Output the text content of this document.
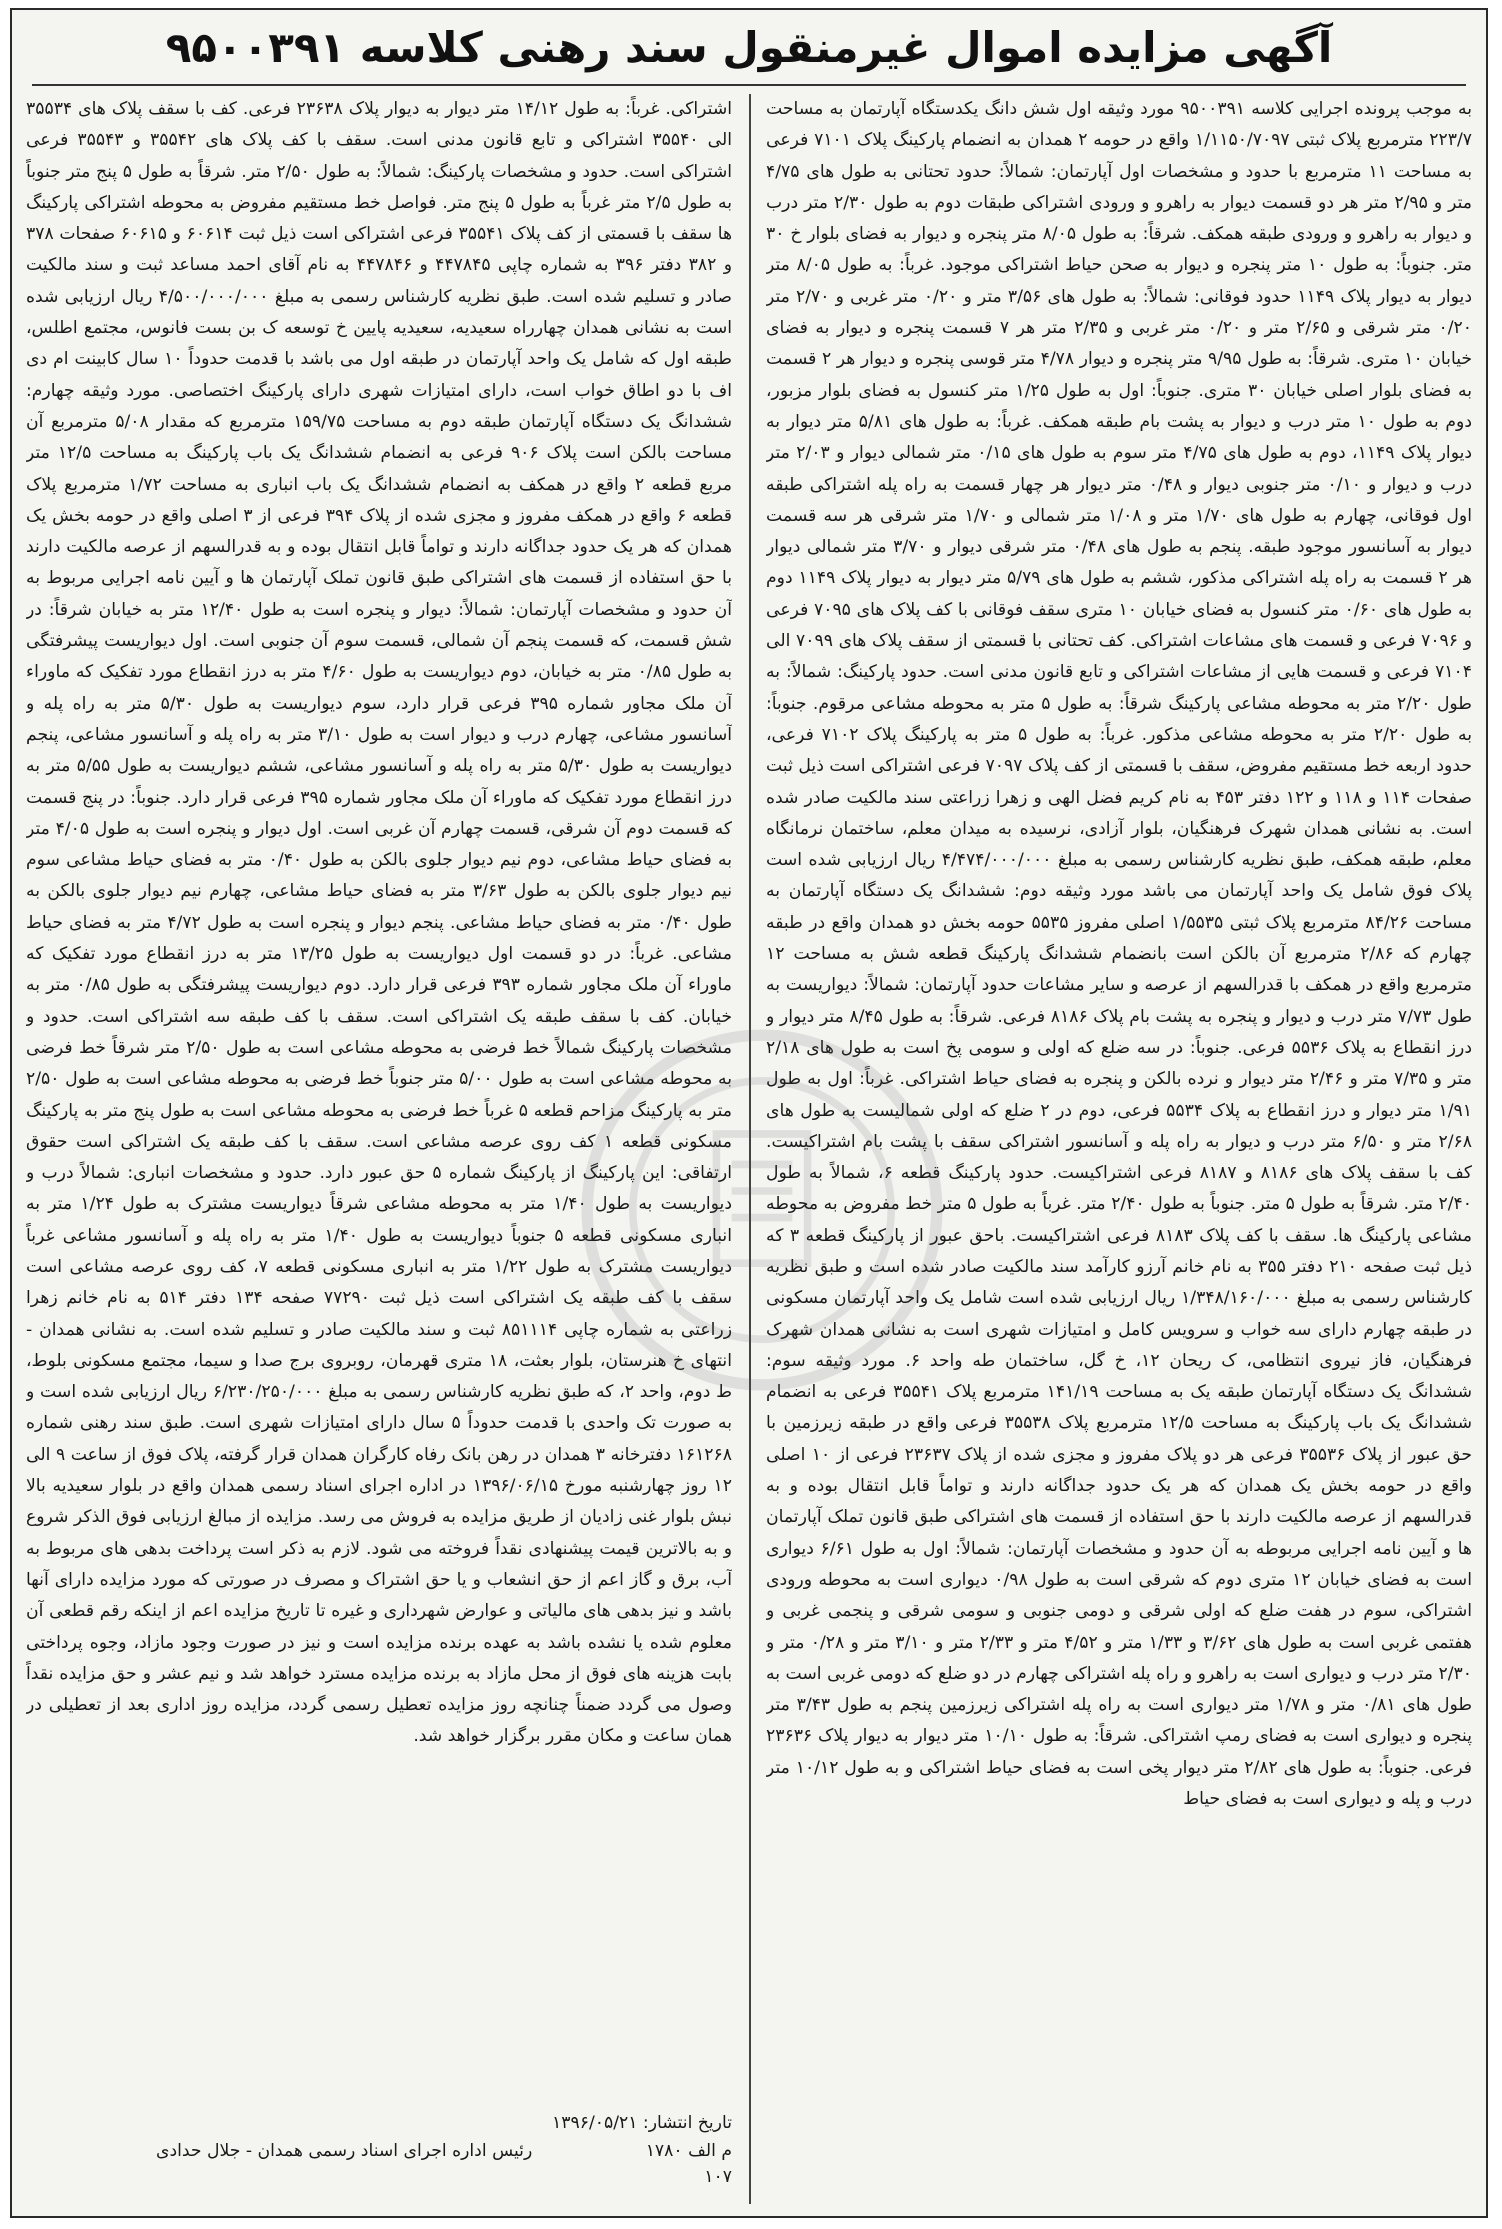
آگهی مزایده اموال غیرمنقول سند رهنی کلاسه ۹۵۰۰۳۹۱

به موجب پرونده اجرایی کلاسه ۹۵۰۰۳۹۱ مورد وثیقه اول شش دانگ یکدستگاه آپارتمان به مساحت ۲۲۳/۷ مترمربع پلاک ثبتی ۱/۱۱۵۰/۷۰۹۷ واقع در حومه ۲ همدان به انضمام پارکینگ پلاک ۷۱۰۱ فرعی به مساحت ۱۱ مترمربع با حدود و مشخصات اول آپارتمان: شمالاً: حدود تحتانی به طول های ۴/۷۵ متر و ۲/۹۵ متر هر دو قسمت دیوار به راهرو و ورودی اشتراکی طبقات دوم به طول ۲/۳۰ متر درب و دیوار به راهرو و ورودی طبقه همکف. شرقاً: به طول ۸/۰۵ متر پنجره و دیوار به فضای بلوار خ ۳۰ متر. جنوباً: به طول ۱۰ متر پنجره و دیوار به صحن حیاط اشتراکی موجود. غرباً: به طول ۸/۰۵ متر دیوار به دیوار پلاک ۱۱۴۹ حدود فوقانی: شمالاً: به طول های ۳/۵۶ متر و ۰/۲۰ متر غربی و ۲/۷۰ متر ۰/۲۰ متر شرقی و ۲/۶۵ متر و ۰/۲۰ متر غربی و ۲/۳۵ متر هر ۷ قسمت پنجره و دیوار به فضای خیابان ۱۰ متری. شرقاً: به طول ۹/۹۵ متر پنجره و دیوار ۴/۷۸ متر قوسی پنجره و دیوار هر ۲ قسمت به فضای بلوار اصلی خیابان ۳۰ متری. جنوباً: اول به طول ۱/۲۵ متر کنسول به فضای بلوار مزبور، دوم به طول ۱۰ متر درب و دیوار به پشت بام طبقه همکف. غرباً: به طول های ۵/۸۱ متر دیوار به دیوار پلاک ۱۱۴۹، دوم به طول های ۴/۷۵ متر سوم به طول های ۰/۱۵ متر شمالی دیوار و ۲/۰۳ متر درب و دیوار و ۰/۱۰ متر جنوبی دیوار و ۰/۴۸ متر دیوار هر چهار قسمت به راه پله اشتراکی طبقه اول فوقانی، چهارم به طول های ۱/۷۰ متر و ۱/۰۸ متر شمالی و ۱/۷۰ متر شرقی هر سه قسمت دیوار به آسانسور موجود طبقه. پنجم به طول های ۰/۴۸ متر شرقی دیوار و ۳/۷۰ متر شمالی دیوار هر ۲ قسمت به راه پله اشتراکی مذکور، ششم به طول های ۵/۷۹ متر دیوار به دیوار پلاک ۱۱۴۹ دوم به طول های ۰/۶۰ متر کنسول به فضای خیابان ۱۰ متری سقف فوقانی با کف پلاک های ۷۰۹۵ فرعی و ۷۰۹۶ فرعی و قسمت های مشاعات اشتراکی. کف تحتانی با قسمتی از سقف پلاک های ۷۰۹۹ الی ۷۱۰۴ فرعی و قسمت هایی از مشاعات اشتراکی و تابع قانون مدنی است. حدود پارکینگ: شمالاً: به طول ۲/۲۰ متر به محوطه مشاعی پارکینگ شرقاً: به طول ۵ متر به محوطه مشاعی مرقوم. جنوباً: به طول ۲/۲۰ متر به محوطه مشاعی مذکور. غرباً: به طول ۵ متر به پارکینگ پلاک ۷۱۰۲ فرعی، حدود اربعه خط مستقیم مفروض، سقف با قسمتی از کف پلاک ۷۰۹۷ فرعی اشتراکی است ذیل ثبت صفحات ۱۱۴ و ۱۱۸ و ۱۲۲ دفتر ۴۵۳ به نام کریم فضل الهی و زهرا زراعتی سند مالکیت صادر شده است. به نشانی همدان شهرک فرهنگیان، بلوار آزادی، نرسیده به میدان معلم، ساختمان نرمانگاه معلم، طبقه همکف، طبق نظریه کارشناس رسمی به مبلغ ۴/۴۷۴/۰۰۰/۰۰۰ ریال ارزیابی شده است پلاک فوق شامل یک واحد آپارتمان می باشد مورد وثیقه دوم: ششدانگ یک دستگاه آپارتمان به مساحت ۸۴/۲۶ مترمربع پلاک ثبتی ۱/۵۵۳۵ اصلی مفروز ۵۵۳۵ حومه بخش دو همدان واقع در طبقه چهارم که ۲/۸۶ مترمربع آن بالکن است بانضمام ششدانگ پارکینگ قطعه شش به مساحت ۱۲ مترمربع واقع در همکف با قدرالسهم از عرصه و سایر مشاعات حدود آپارتمان: شمالاً: دیواریست به طول ۷/۷۳ متر درب و دیوار و پنجره به پشت بام پلاک ۸۱۸۶ فرعی. شرقاً: به طول ۸/۴۵ متر دیوار و درز انقطاع به پلاک ۵۵۳۶ فرعی. جنوباً: در سه ضلع که اولی و سومی پخ است به طول های ۲/۱۸ متر و ۷/۳۵ متر و ۲/۴۶ متر دیوار و نرده بالکن و پنجره به فضای حیاط اشتراکی. غرباً: اول به طول ۱/۹۱ متر دیوار و درز انقطاع به پلاک ۵۵۳۴ فرعی، دوم در ۲ ضلع که اولی شمالیست به طول های ۲/۶۸ متر و ۶/۵۰ متر درب و دیوار به راه پله و آسانسور اشتراکی سقف با پشت بام اشتراکیست. کف با سقف پلاک های ۸۱۸۶ و ۸۱۸۷ فرعی اشتراکیست. حدود پارکینگ قطعه ۶، شمالاً به طول ۲/۴۰ متر. شرقاً به طول ۵ متر. جنوباً به طول ۲/۴۰ متر. غرباً به طول ۵ متر خط مفروض به محوطه مشاعی پارکینگ ها. سقف با کف پلاک ۸۱۸۳ فرعی اشتراکیست. باحق عبور از پارکینگ قطعه ۳ که ذیل ثبت صفحه ۲۱۰ دفتر ۳۵۵ به نام خانم آرزو کارآمد سند مالکیت صادر شده است و طبق نظریه کارشناس رسمی به مبلغ ۱/۳۴۸/۱۶۰/۰۰۰ ریال ارزیابی شده است شامل یک واحد آپارتمان مسکونی در طبقه چهارم دارای سه خواب و سرویس کامل و امتیازات شهری است به نشانی همدان شهرک فرهنگیان، فاز نیروی انتظامی، ک ریحان ۱۲، خ گل، ساختمان طه واحد ۶. مورد وثیقه سوم: ششدانگ یک دستگاه آپارتمان طبقه یک به مساحت ۱۴۱/۱۹ مترمربع پلاک ۳۵۵۴۱ فرعی به انضمام ششدانگ یک باب پارکینگ به مساحت ۱۲/۵ مترمربع پلاک ۳۵۵۳۸ فرعی واقع در طبقه زیرزمین با حق عبور از پلاک ۳۵۵۳۶ فرعی هر دو پلاک مفروز و مجزی شده از پلاک ۲۳۶۳۷ فرعی از ۱۰ اصلی واقع در حومه بخش یک همدان که هر یک حدود جداگانه دارند و تواماً قابل انتقال بوده و به قدرالسهم از عرصه مالکیت دارند با حق استفاده از قسمت های اشتراکی طبق قانون تملک آپارتمان ها و آیین نامه اجرایی مربوطه به آن حدود و مشخصات آپارتمان: شمالاً: اول به طول ۶/۶۱ دیواری است به فضای خیابان ۱۲ متری دوم که شرقی است به طول ۰/۹۸ دیواری است به محوطه ورودی اشتراکی، سوم در هفت ضلع که اولی شرقی و دومی جنوبی و سومی شرقی و پنجمی غربی و هفتمی غربی است به طول های ۳/۶۲ و ۱/۳۳ متر و ۴/۵۲ متر و ۲/۳۳ متر و ۳/۱۰ متر و ۰/۲۸ متر و ۲/۳۰ متر درب و دیواری است به راهرو و راه پله اشتراکی چهارم در دو ضلع که دومی غربی است به طول های ۰/۸۱ متر و ۱/۷۸ متر دیواری است به راه پله اشتراکی زیرزمین پنجم به طول ۳/۴۳ متر پنجره و دیواری است به فضای رمپ اشتراکی. شرقاً: به طول ۱۰/۱۰ متر دیوار به دیوار پلاک ۲۳۶۳۶ فرعی. جنوباً: به طول های ۲/۸۲ متر دیوار پخی است به فضای حیاط اشتراکی و به طول ۱۰/۱۲ متر درب و پله و دیواری است به فضای حیاط

اشتراکی. غرباً: به طول ۱۴/۱۲ متر دیوار به دیوار پلاک ۲۳۶۳۸ فرعی. کف با سقف پلاک های ۳۵۵۳۴ الی ۳۵۵۴۰ اشتراکی و تابع قانون مدنی است. سقف با کف پلاک های ۳۵۵۴۲ و ۳۵۵۴۳ فرعی اشتراکی است. حدود و مشخصات پارکینگ: شمالاً: به طول ۲/۵۰ متر. شرقاً به طول ۵ پنج متر جنوباً به طول ۲/۵ متر غرباً به طول ۵ پنج متر. فواصل خط مستقیم مفروض به محوطه اشتراکی پارکینگ ها سقف با قسمتی از کف پلاک ۳۵۵۴۱ فرعی اشتراکی است ذیل ثبت ۶۰۶۱۴ و ۶۰۶۱۵ صفحات ۳۷۸ و ۳۸۲ دفتر ۳۹۶ به شماره چاپی ۴۴۷۸۴۵ و ۴۴۷۸۴۶ به نام آقای احمد مساعد ثبت و سند مالکیت صادر و تسلیم شده است. طبق نظریه کارشناس رسمی به مبلغ ۴/۵۰۰/۰۰۰/۰۰۰ ریال ارزیابی شده است به نشانی همدان چهارراه سعیدیه، سعیدیه پایین خ توسعه ک بن بست فانوس، مجتمع اطلس، طبقه اول که شامل یک واحد آپارتمان در طبقه اول می باشد با قدمت حدوداً ۱۰ سال کابینت ام دی اف با دو اطاق خواب است، دارای امتیازات شهری دارای پارکینگ اختصاصی. مورد وثیقه چهارم: ششدانگ یک دستگاه آپارتمان طبقه دوم به مساحت ۱۵۹/۷۵ مترمربع که مقدار ۵/۰۸ مترمربع آن مساحت بالکن است پلاک ۹۰۶ فرعی به انضمام ششدانگ یک باب پارکینگ به مساحت ۱۲/۵ متر مربع قطعه ۲ واقع در همکف به انضمام ششدانگ یک باب انباری به مساحت ۱/۷۲ مترمربع پلاک قطعه ۶ واقع در همکف مفروز و مجزی شده از پلاک ۳۹۴ فرعی از ۳ اصلی واقع در حومه بخش یک همدان که هر یک حدود جداگانه دارند و تواماً قابل انتقال بوده و به قدرالسهم از عرصه مالکیت دارند با حق استفاده از قسمت های اشتراکی طبق قانون تملک آپارتمان ها و آیین نامه اجرایی مربوط به آن حدود و مشخصات آپارتمان: شمالاً: دیوار و پنجره است به طول ۱۲/۴۰ متر به خیابان شرقاً: در شش قسمت، که قسمت پنجم آن شمالی، قسمت سوم آن جنوبی است. اول دیواریست پیشرفتگی به طول ۰/۸۵ متر به خیابان، دوم دیواریست به طول ۴/۶۰ متر به درز انقطاع مورد تفکیک که ماوراء آن ملک مجاور شماره ۳۹۵ فرعی قرار دارد، سوم دیواریست به طول ۵/۳۰ متر به راه پله و آسانسور مشاعی، چهارم درب و دیوار است به طول ۳/۱۰ متر به راه پله و آسانسور مشاعی، پنجم دیواریست به طول ۵/۳۰ متر به راه پله و آسانسور مشاعی، ششم دیواریست به طول ۵/۵۵ متر به درز انقطاع مورد تفکیک که ماوراء آن ملک مجاور شماره ۳۹۵ فرعی قرار دارد. جنوباً: در پنج قسمت که قسمت دوم آن شرقی، قسمت چهارم آن غربی است. اول دیوار و پنجره است به طول ۴/۰۵ متر به فضای حیاط مشاعی، دوم نیم دیوار جلوی بالکن به طول ۰/۴۰ متر به فضای حیاط مشاعی سوم نیم دیوار جلوی بالکن به طول ۳/۶۳ متر به فضای حیاط مشاعی، چهارم نیم دیوار جلوی بالکن به طول ۰/۴۰ متر به فضای حیاط مشاعی. پنجم دیوار و پنجره است به طول ۴/۷۲ متر به فضای حیاط مشاعی. غرباً: در دو قسمت اول دیواریست به طول ۱۳/۲۵ متر به درز انقطاع مورد تفکیک که ماوراء آن ملک مجاور شماره ۳۹۳ فرعی قرار دارد. دوم دیواریست پیشرفتگی به طول ۰/۸۵ متر به خیابان. کف با سقف طبقه یک اشتراکی است. سقف با کف طبقه سه اشتراکی است. حدود و مشخصات پارکینگ شمالاً خط فرضی به محوطه مشاعی است به طول ۲/۵۰ متر شرقاً خط فرضی به محوطه مشاعی است به طول ۵/۰۰ متر جنوباً خط فرضی به محوطه مشاعی است به طول ۲/۵۰ متر به پارکینگ مزاحم قطعه ۵ غرباً خط فرضی به محوطه مشاعی است به طول پنج متر به پارکینگ مسکونی قطعه ۱ کف روی عرصه مشاعی است. سقف با کف طبقه یک اشتراکی است حقوق ارتفاقی: این پارکینگ از پارکینگ شماره ۵ حق عبور دارد. حدود و مشخصات انباری: شمالاً درب و دیواریست به طول ۱/۴۰ متر به محوطه مشاعی شرقاً دیواریست مشترک به طول ۱/۲۴ متر به انباری مسکونی قطعه ۵ جنوباً دیواریست به طول ۱/۴۰ متر به راه پله و آسانسور مشاعی غرباً دیواریست مشترک به طول ۱/۲۲ متر به انباری مسکونی قطعه ۷، کف روی عرصه مشاعی است سقف با کف طبقه یک اشتراکی است ذیل ثبت ۷۷۲۹۰ صفحه ۱۳۴ دفتر ۵۱۴ به نام خانم زهرا زراعتی به شماره چاپی ۸۵۱۱۱۴ ثبت و سند مالکیت صادر و تسلیم شده است. به نشانی همدان - انتهای خ هنرستان، بلوار بعثت، ۱۸ متری قهرمان، روبروی برج صدا و سیما، مجتمع مسکونی بلوط، ط دوم، واحد ۲، که طبق نظریه کارشناس رسمی به مبلغ ۶/۲۳۰/۲۵۰/۰۰۰ ریال ارزیابی شده است و به صورت تک واحدی با قدمت حدوداً ۵ سال دارای امتیازات شهری است. طبق سند رهنی شماره ۱۶۱۲۶۸ دفترخانه ۳ همدان در رهن بانک رفاه کارگران همدان قرار گرفته، پلاک فوق از ساعت ۹ الی ۱۲ روز چهارشنبه مورخ ۱۳۹۶/۰۶/۱۵ در اداره اجرای اسناد رسمی همدان واقع در بلوار سعیدیه بالا نبش بلوار غنی زادیان از طریق مزایده به فروش می رسد. مزایده از مبالغ ارزیابی فوق الذکر شروع و به بالاترین قیمت پیشنهادی نقداً فروخته می شود. لازم به ذکر است پرداخت بدهی های مربوط به آب، برق و گاز اعم از حق انشعاب و یا حق اشتراک و مصرف در صورتی که مورد مزایده دارای آنها باشد و نیز بدهی های مالیاتی و عوارض شهرداری و غیره تا تاریخ مزایده اعم از اینکه رقم قطعی آن معلوم شده یا نشده باشد به عهده برنده مزایده است و نیز در صورت وجود مازاد، وجوه پرداختی بابت هزینه های فوق از محل مازاد به برنده مزایده مسترد خواهد شد و نیم عشر و حق مزایده نقداً وصول می گردد ضمناً چنانچه روز مزایده تعطیل رسمی گردد، مزایده روز اداری بعد از تعطیلی در همان ساعت و مکان مقرر برگزار خواهد شد.

تاریخ انتشار: ۱۳۹۶/۰۵/۲۱
م الف ۱۷۸۰
رئیس اداره اجرای اسناد رسمی همدان - جلال حدادی
۱۰۷
